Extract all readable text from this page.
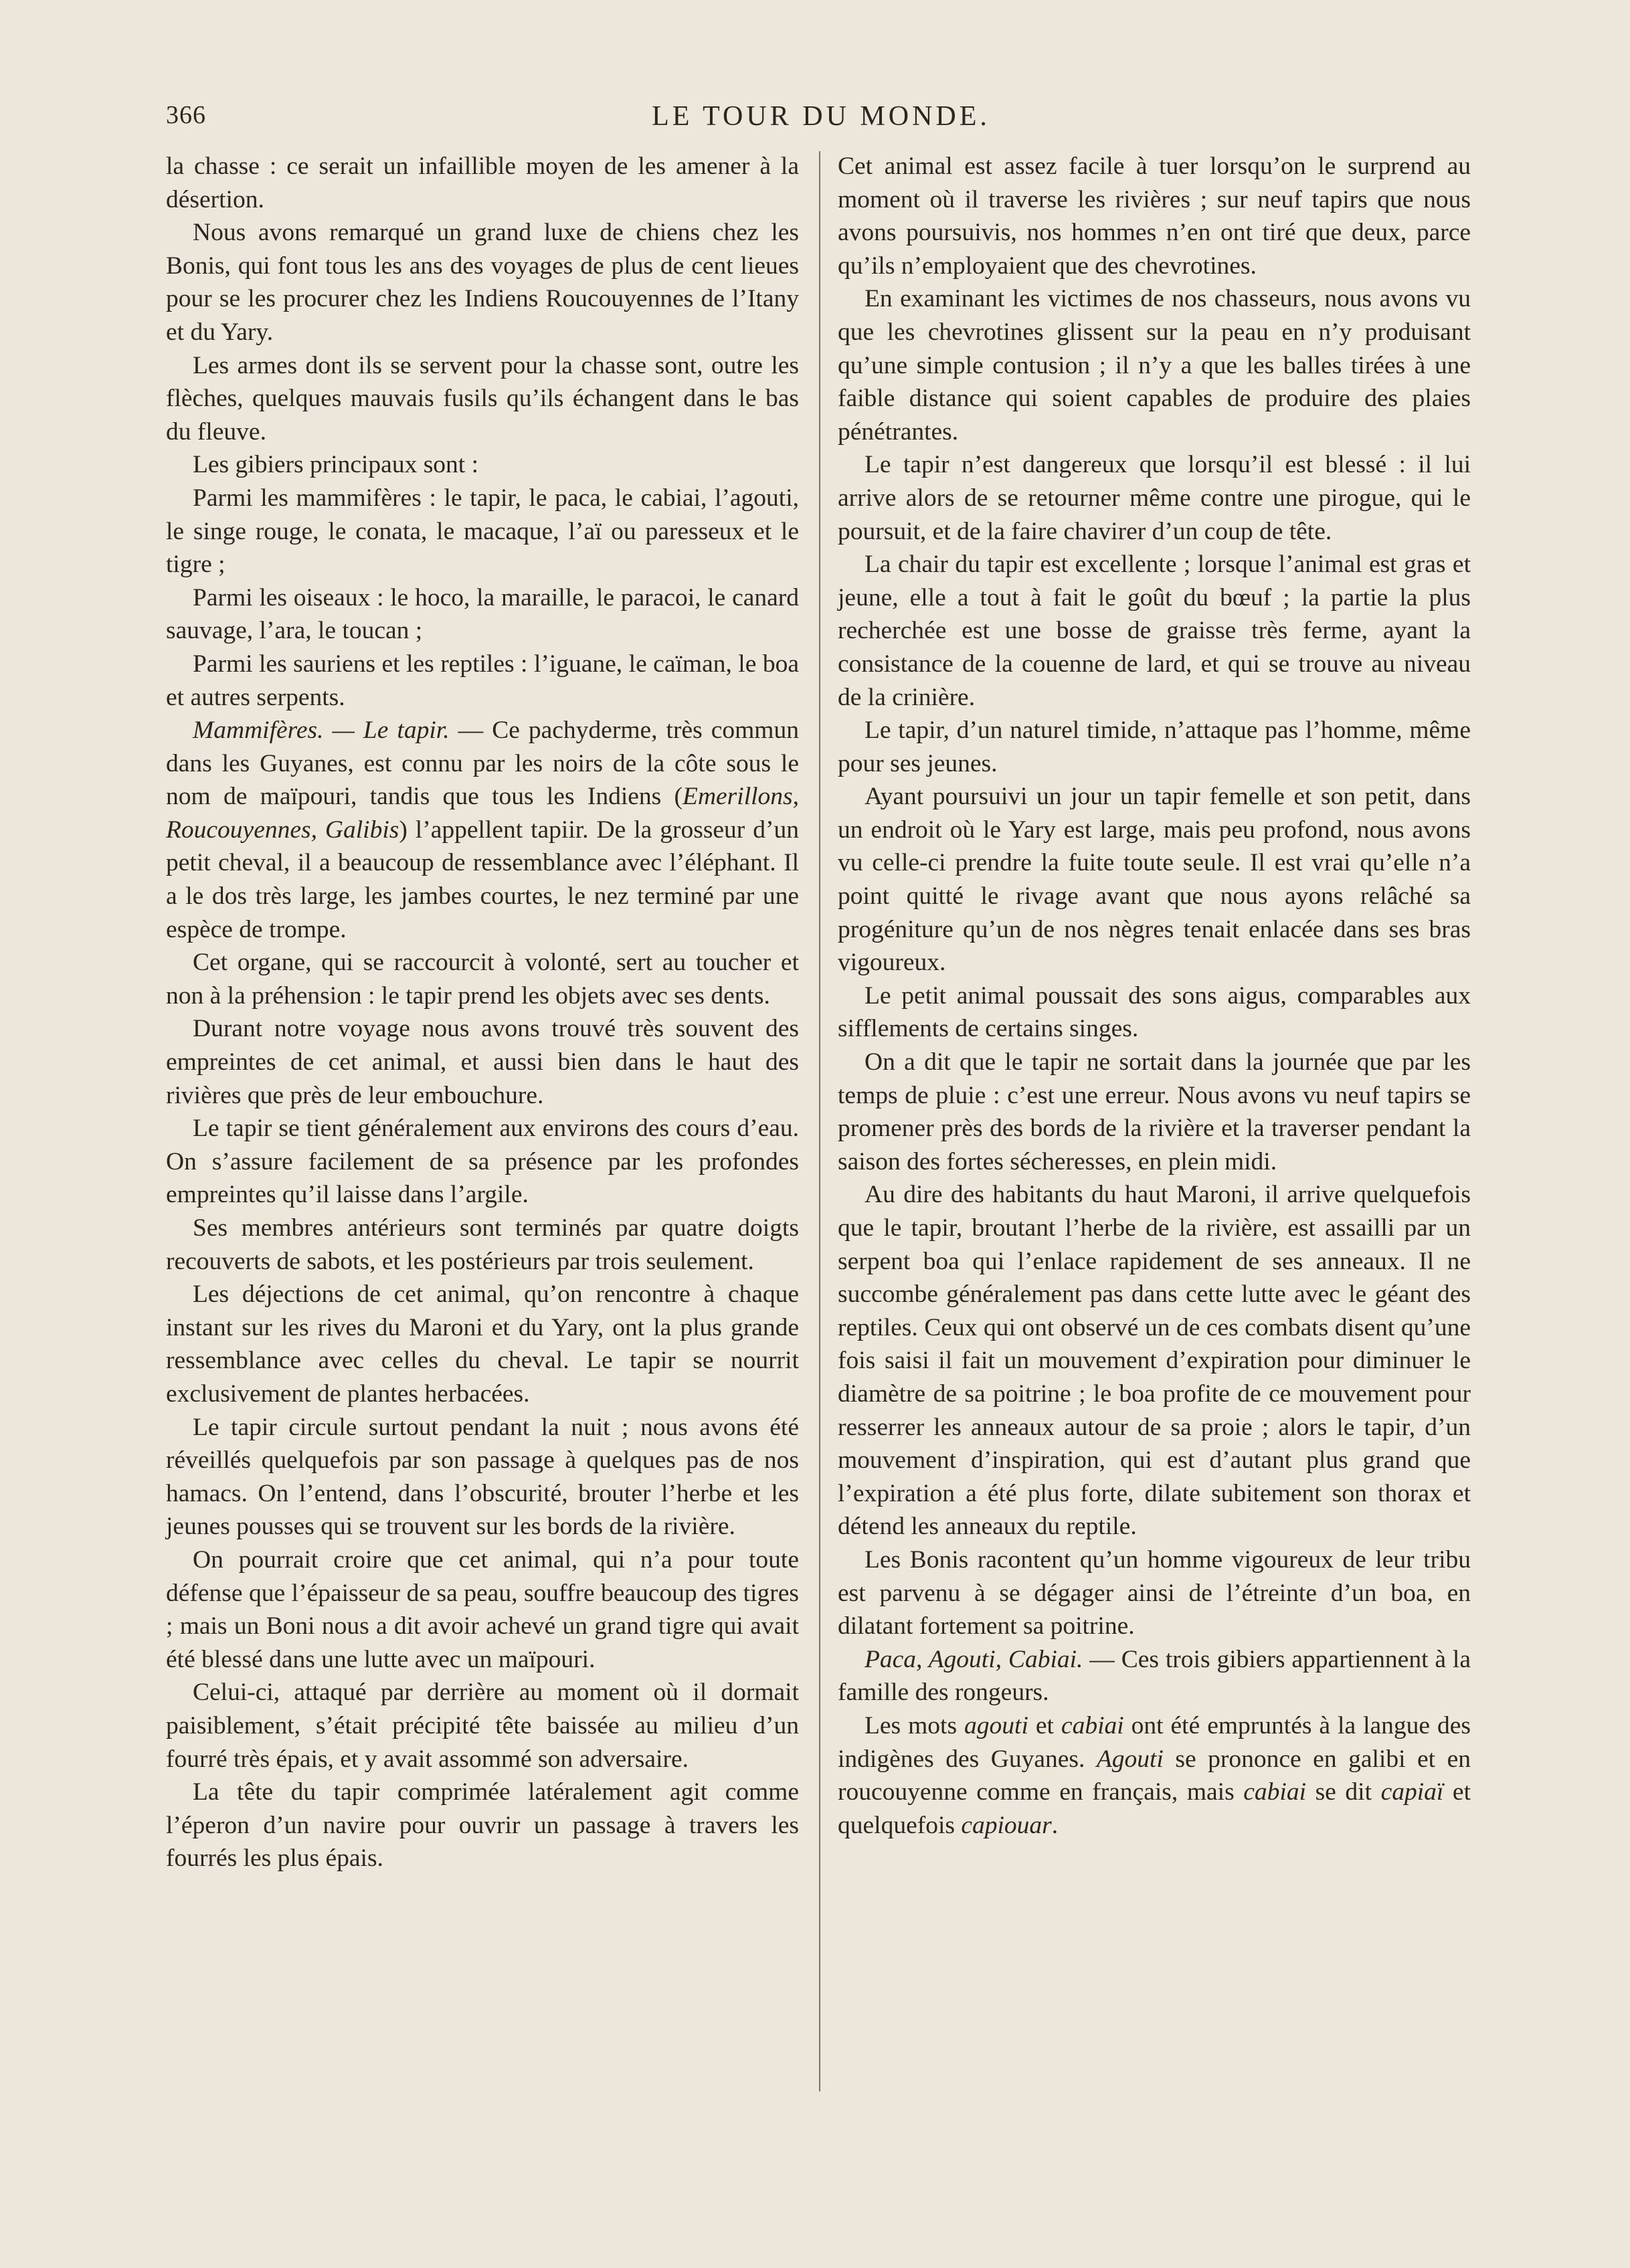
366	LE TOUR DU MONDE.

la chasse : ce serait un infaillible moyen de les amener à la désertion.

Nous avons remarqué un grand luxe de chiens chez les Bonis, qui font tous les ans des voyages de plus de cent lieues pour se les procurer chez les Indiens Roucouyennes de l’Itany et du Yary.

Les armes dont ils se servent pour la chasse sont, outre les flèches, quelques mauvais fusils qu’ils échangent dans le bas du fleuve.

Les gibiers principaux sont :

Parmi les mammifères : le tapir, le paca, le cabiai, l’agouti, le singe rouge, le conata, le macaque, l’aï ou paresseux et le tigre ;

Parmi les oiseaux : le hoco, la maraille, le paracoi, le canard sauvage, l’ara, le toucan ;

Parmi les sauriens et les reptiles : l’iguane, le caïman, le boa et autres serpents.

Mammifères. — Le tapir. — Ce pachyderme, très commun dans les Guyanes, est connu par les noirs de la côte sous le nom de maïpouri, tandis que tous les Indiens (Emerillons, Roucouyennes, Galibis) l’appellent tapiir. De la grosseur d’un petit cheval, il a beaucoup de ressemblance avec l’éléphant. Il a le dos très large, les jambes courtes, le nez terminé par une espèce de trompe.

Cet organe, qui se raccourcit à volonté, sert au toucher et non à la préhension : le tapir prend les objets avec ses dents.

Durant notre voyage nous avons trouvé très souvent des empreintes de cet animal, et aussi bien dans le haut des rivières que près de leur embouchure.

Le tapir se tient généralement aux environs des cours d’eau. On s’assure facilement de sa présence par les profondes empreintes qu’il laisse dans l’argile.

Ses membres antérieurs sont terminés par quatre doigts recouverts de sabots, et les postérieurs par trois seulement.

Les déjections de cet animal, qu’on rencontre à chaque instant sur les rives du Maroni et du Yary, ont la plus grande ressemblance avec celles du cheval. Le tapir se nourrit exclusivement de plantes herbacées.

Le tapir circule surtout pendant la nuit ; nous avons été réveillés quelquefois par son passage à quelques pas de nos hamacs. On l’entend, dans l’obscurité, brouter l’herbe et les jeunes pousses qui se trouvent sur les bords de la rivière.

On pourrait croire que cet animal, qui n’a pour toute défense que l’épaisseur de sa peau, souffre beaucoup des tigres ; mais un Boni nous a dit avoir achevé un grand tigre qui avait été blessé dans une lutte avec un maïpouri.

Celui-ci, attaqué par derrière au moment où il dormait paisiblement, s’était précipité tête baissée au milieu d’un fourré très épais, et y avait assommé son adversaire.

La tête du tapir comprimée latéralement agit comme l’éperon d’un navire pour ouvrir un passage à travers les fourrés les plus épais.

Cet animal est assez facile à tuer lorsqu’on le surprend au moment où il traverse les rivières ; sur neuf tapirs que nous avons poursuivis, nos hommes n’en ont tiré que deux, parce qu’ils n’employaient que des chevrotines.

En examinant les victimes de nos chasseurs, nous avons vu que les chevrotines glissent sur la peau en n’y produisant qu’une simple contusion ; il n’y a que les balles tirées à une faible distance qui soient capables de produire des plaies pénétrantes.

Le tapir n’est dangereux que lorsqu’il est blessé : il lui arrive alors de se retourner même contre une pirogue, qui le poursuit, et de la faire chavirer d’un coup de tête.

La chair du tapir est excellente ; lorsque l’animal est gras et jeune, elle a tout à fait le goût du bœuf ; la partie la plus recherchée est une bosse de graisse très ferme, ayant la consistance de la couenne de lard, et qui se trouve au niveau de la crinière.

Le tapir, d’un naturel timide, n’attaque pas l’homme, même pour ses jeunes.

Ayant poursuivi un jour un tapir femelle et son petit, dans un endroit où le Yary est large, mais peu profond, nous avons vu celle-ci prendre la fuite toute seule. Il est vrai qu’elle n’a point quitté le rivage avant que nous ayons relâché sa progéniture qu’un de nos nègres tenait enlacée dans ses bras vigoureux.

Le petit animal poussait des sons aigus, comparables aux sifflements de certains singes.

On a dit que le tapir ne sortait dans la journée que par les temps de pluie : c’est une erreur. Nous avons vu neuf tapirs se promener près des bords de la rivière et la traverser pendant la saison des fortes sécheresses, en plein midi.

Au dire des habitants du haut Maroni, il arrive quelquefois que le tapir, broutant l’herbe de la rivière, est assailli par un serpent boa qui l’enlace rapidement de ses anneaux. Il ne succombe généralement pas dans cette lutte avec le géant des reptiles. Ceux qui ont observé un de ces combats disent qu’une fois saisi il fait un mouvement d’expiration pour diminuer le diamètre de sa poitrine ; le boa profite de ce mouvement pour resserrer les anneaux autour de sa proie ; alors le tapir, d’un mouvement d’inspiration, qui est d’autant plus grand que l’expiration a été plus forte, dilate subitement son thorax et détend les anneaux du reptile.

Les Bonis racontent qu’un homme vigoureux de leur tribu est parvenu à se dégager ainsi de l’étreinte d’un boa, en dilatant fortement sa poitrine.

Paca, Agouti, Cabiai. — Ces trois gibiers appartiennent à la famille des rongeurs.

Les mots agouti et cabiai ont été empruntés à la langue des indigènes des Guyanes. Agouti se prononce en galibi et en roucouyenne comme en français, mais cabiai se dit capiaï et quelquefois capiouar.
